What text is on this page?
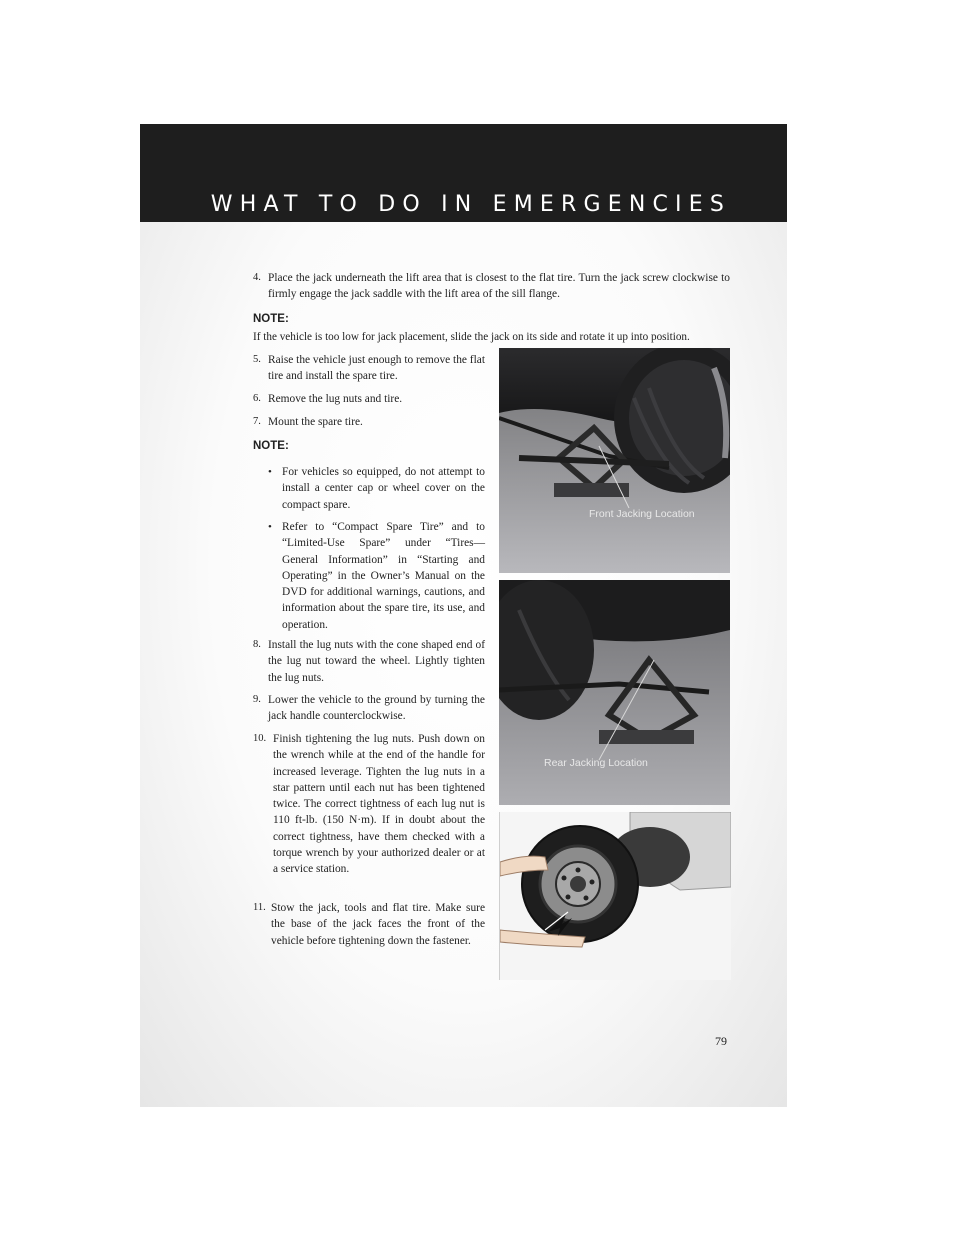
WHAT TO DO IN EMERGENCIES
4. Place the jack underneath the lift area that is closest to the flat tire. Turn the jack screw clockwise to firmly engage the jack saddle with the lift area of the sill flange.
NOTE:
If the vehicle is too low for jack placement, slide the jack on its side and rotate it up into position.
5. Raise the vehicle just enough to remove the flat tire and install the spare tire.
6. Remove the lug nuts and tire.
7. Mount the spare tire.
NOTE:
• For vehicles so equipped, do not attempt to install a center cap or wheel cover on the compact spare.
• Refer to “Compact Spare Tire” and to “Limited-Use Spare” under “Tires—General Information” in “Starting and Operating” in the Owner’s Manual on the DVD for additional warnings, cautions, and information about the spare tire, its use, and operation.
8. Install the lug nuts with the cone shaped end of the lug nut toward the wheel. Lightly tighten the lug nuts.
9. Lower the vehicle to the ground by turning the jack handle counterclockwise.
10. Finish tightening the lug nuts. Push down on the wrench while at the end of the handle for increased leverage. Tighten the lug nuts in a star pattern until each nut has been tightened twice. The correct tightness of each lug nut is 110 ft-lb. (150 N·m). If in doubt about the correct tightness, have them checked with a torque wrench by your authorized dealer or at a service station.
11. Stow the jack, tools and flat tire. Make sure the base of the jack faces the front of the vehicle before tightening down the fastener.
Front Jacking Location
Rear Jacking Location
79
